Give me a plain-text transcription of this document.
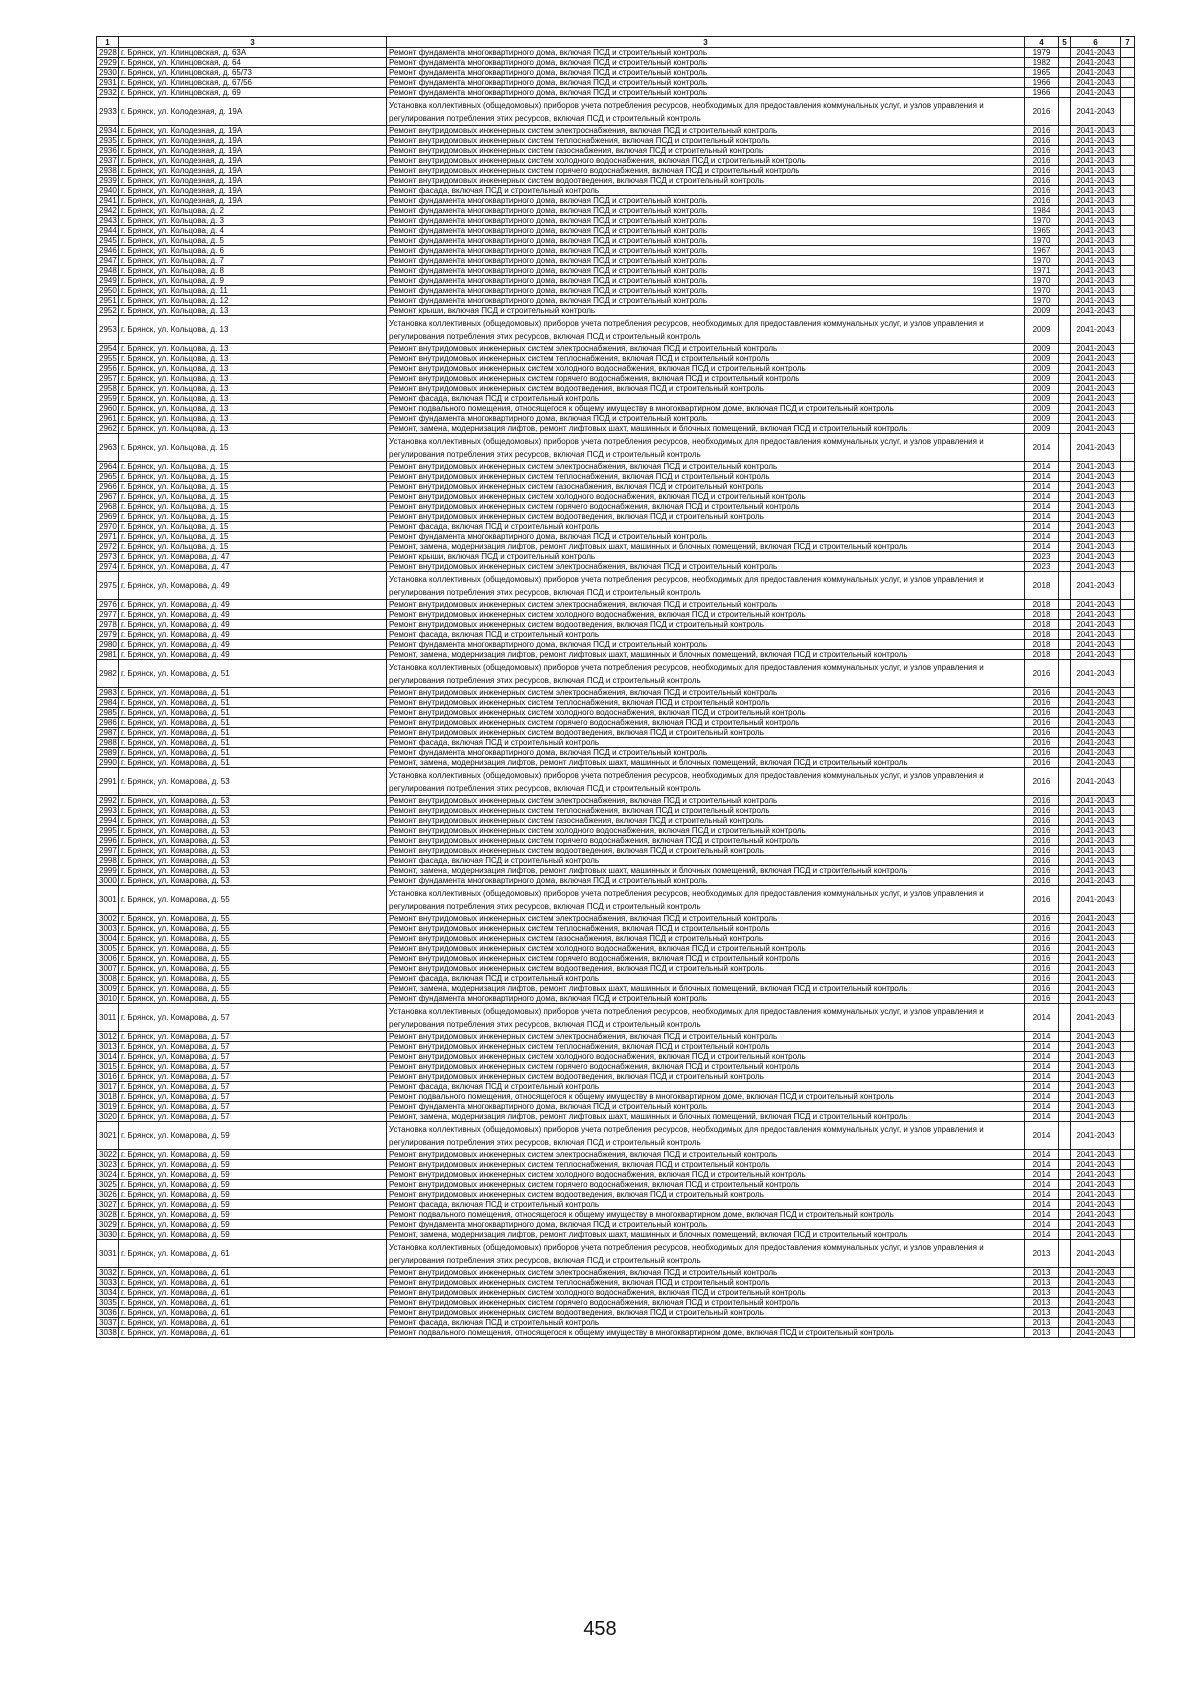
1	3	3	4	5	6	7
2928	г. Брянск, ул. Клинцовская, д. 63А	Ремонт фундамента многоквартирного дома, включая ПСД и строительный контроль	1979		2041-2043	
2929	г. Брянск, ул. Клинцовская, д. 64	Ремонт фундамента многоквартирного дома, включая ПСД и строительный контроль	1982		2041-2043	
2930	г. Брянск, ул. Клинцовская, д. 65/73	Ремонт фундамента многоквартирного дома, включая ПСД и строительный контроль	1965		2041-2043	
2931	г. Брянск, ул. Клинцовская, д. 67/56	Ремонт фундамента многоквартирного дома, включая ПСД и строительный контроль	1966		2041-2043	
2932	г. Брянск, ул. Клинцовская, д. 69	Ремонт фундамента многоквартирного дома, включая ПСД и строительный контроль	1966		2041-2043	
2933	г. Брянск, ул. Колодезная, д. 19А	Установка коллективных (общедомовых) приборов учета потребления ресурсов, необходимых для предоставления коммунальных услуг, и узлов управления и регулирования потребления этих ресурсов, включая ПСД и строительный контроль	2016		2041-2043	
2934	г. Брянск, ул. Колодезная, д. 19А	Ремонт внутридомовых инженерных систем электроснабжения, включая ПСД и строительный контроль	2016		2041-2043	
2935	г. Брянск, ул. Колодезная, д. 19А	Ремонт внутридомовых инженерных систем теплоснабжения, включая ПСД и строительный контроль	2016		2041-2043	
2936	г. Брянск, ул. Колодезная, д. 19А	Ремонт внутридомовых инженерных систем газоснабжения, включая ПСД и строительный контроль	2016		2041-2043	
2937	г. Брянск, ул. Колодезная, д. 19А	Ремонт внутридомовых инженерных систем холодного водоснабжения, включая ПСД и строительный контроль	2016		2041-2043	
2938	г. Брянск, ул. Колодезная, д. 19А	Ремонт внутридомовых инженерных систем горячего водоснабжения, включая ПСД и строительный контроль	2016		2041-2043	
2939	г. Брянск, ул. Колодезная, д. 19А	Ремонт внутридомовых инженерных систем водоотведения, включая ПСД и строительный контроль	2016		2041-2043	
2940	г. Брянск, ул. Колодезная, д. 19А	Ремонт фасада, включая ПСД и строительный контроль	2016		2041-2043	
2941	г. Брянск, ул. Колодезная, д. 19А	Ремонт фундамента многоквартирного дома, включая ПСД и строительный контроль	2016		2041-2043	
2942	г. Брянск, ул. Кольцова, д. 2	Ремонт фундамента многоквартирного дома, включая ПСД и строительный контроль	1984		2041-2043	
2943	г. Брянск, ул. Кольцова, д. 3	Ремонт фундамента многоквартирного дома, включая ПСД и строительный контроль	1970		2041-2043	
2944	г. Брянск, ул. Кольцова, д. 4	Ремонт фундамента многоквартирного дома, включая ПСД и строительный контроль	1965		2041-2043	
2945	г. Брянск, ул. Кольцова, д. 5	Ремонт фундамента многоквартирного дома, включая ПСД и строительный контроль	1970		2041-2043	
2946	г. Брянск, ул. Кольцова, д. 6	Ремонт фундамента многоквартирного дома, включая ПСД и строительный контроль	1967		2041-2043	
2947	г. Брянск, ул. Кольцова, д. 7	Ремонт фундамента многоквартирного дома, включая ПСД и строительный контроль	1970		2041-2043	
2948	г. Брянск, ул. Кольцова, д. 8	Ремонт фундамента многоквартирного дома, включая ПСД и строительный контроль	1971		2041-2043	
2949	г. Брянск, ул. Кольцова, д. 9	Ремонт фундамента многоквартирного дома, включая ПСД и строительный контроль	1970		2041-2043	
2950	г. Брянск, ул. Кольцова, д. 11	Ремонт фундамента многоквартирного дома, включая ПСД и строительный контроль	1970		2041-2043	
2951	г. Брянск, ул. Кольцова, д. 12	Ремонт фундамента многоквартирного дома, включая ПСД и строительный контроль	1970		2041-2043	
2952	г. Брянск, ул. Кольцова, д. 13	Ремонт крыши, включая ПСД и строительный контроль	2009		2041-2043	
2953	г. Брянск, ул. Кольцова, д. 13	Установка коллективных (общедомовых) приборов учета потребления ресурсов, необходимых для предоставления коммунальных услуг, и узлов управления и регулирования потребления этих ресурсов, включая ПСД и строительный контроль	2009		2041-2043	
2954	г. Брянск, ул. Кольцова, д. 13	Ремонт внутридомовых инженерных систем электроснабжения, включая ПСД и строительный контроль	2009		2041-2043	
2955	г. Брянск, ул. Кольцова, д. 13	Ремонт внутридомовых инженерных систем теплоснабжения, включая ПСД и строительный контроль	2009		2041-2043	
2956	г. Брянск, ул. Кольцова, д. 13	Ремонт внутридомовых инженерных систем холодного водоснабжения, включая ПСД и строительный контроль	2009		2041-2043	
2957	г. Брянск, ул. Кольцова, д. 13	Ремонт внутридомовых инженерных систем горячего водоснабжения, включая ПСД и строительный контроль	2009		2041-2043	
2958	г. Брянск, ул. Кольцова, д. 13	Ремонт внутридомовых инженерных систем водоотведения, включая ПСД и строительный контроль	2009		2041-2043	
2959	г. Брянск, ул. Кольцова, д. 13	Ремонт фасада, включая ПСД и строительный контроль	2009		2041-2043	
2960	г. Брянск, ул. Кольцова, д. 13	Ремонт подвального помещения, относящегося к общему имуществу в многоквартирном доме, включая ПСД и строительный контроль	2009		2041-2043	
2961	г. Брянск, ул. Кольцова, д. 13	Ремонт фундамента многоквартирного дома, включая ПСД и строительный контроль	2009		2041-2043	
2962	г. Брянск, ул. Кольцова, д. 13	Ремонт, замена, модернизация лифтов, ремонт лифтовых шахт, машинных и блочных помещений, включая ПСД и строительный контроль	2009		2041-2043	
2963	г. Брянск, ул. Кольцова, д. 15	Установка коллективных (общедомовых) приборов учета потребления ресурсов, необходимых для предоставления коммунальных услуг, и узлов управления и регулирования потребления этих ресурсов, включая ПСД и строительный контроль	2014		2041-2043	
2964	г. Брянск, ул. Кольцова, д. 15	Ремонт внутридомовых инженерных систем электроснабжения, включая ПСД и строительный контроль	2014		2041-2043	
2965	г. Брянск, ул. Кольцова, д. 15	Ремонт внутридомовых инженерных систем теплоснабжения, включая ПСД и строительный контроль	2014		2041-2043	
2966	г. Брянск, ул. Кольцова, д. 15	Ремонт внутридомовых инженерных систем газоснабжения, включая ПСД и строительный контроль	2014		2041-2043	
2967	г. Брянск, ул. Кольцова, д. 15	Ремонт внутридомовых инженерных систем холодного водоснабжения, включая ПСД и строительный контроль	2014		2041-2043	
2968	г. Брянск, ул. Кольцова, д. 15	Ремонт внутридомовых инженерных систем горячего водоснабжения, включая ПСД и строительный контроль	2014		2041-2043	
2969	г. Брянск, ул. Кольцова, д. 15	Ремонт внутридомовых инженерных систем водоотведения, включая ПСД и строительный контроль	2014		2041-2043	
2970	г. Брянск, ул. Кольцова, д. 15	Ремонт фасада, включая ПСД и строительный контроль	2014		2041-2043	
2971	г. Брянск, ул. Кольцова, д. 15	Ремонт фундамента многоквартирного дома, включая ПСД и строительный контроль	2014		2041-2043	
2972	г. Брянск, ул. Кольцова, д. 15	Ремонт, замена, модернизация лифтов, ремонт лифтовых шахт, машинных и блочных помещений, включая ПСД и строительный контроль	2014		2041-2043	
2973	г. Брянск, ул. Комарова, д. 47	Ремонт крыши, включая ПСД и строительный контроль	2023		2041-2043	
2974	г. Брянск, ул. Комарова, д. 47	Ремонт внутридомовых инженерных систем электроснабжения, включая ПСД и строительный контроль	2023		2041-2043	
2975	г. Брянск, ул. Комарова, д. 49	Установка коллективных (общедомовых) приборов учета потребления ресурсов, необходимых для предоставления коммунальных услуг, и узлов управления и регулирования потребления этих ресурсов, включая ПСД и строительный контроль	2018		2041-2043	
2976	г. Брянск, ул. Комарова, д. 49	Ремонт внутридомовых инженерных систем электроснабжения, включая ПСД и строительный контроль	2018		2041-2043	
2977	г. Брянск, ул. Комарова, д. 49	Ремонт внутридомовых инженерных систем холодного водоснабжения, включая ПСД и строительный контроль	2018		2041-2043	
2978	г. Брянск, ул. Комарова, д. 49	Ремонт внутридомовых инженерных систем водоотведения, включая ПСД и строительный контроль	2018		2041-2043	
2979	г. Брянск, ул. Комарова, д. 49	Ремонт фасада, включая ПСД и строительный контроль	2018		2041-2043	
2980	г. Брянск, ул. Комарова, д. 49	Ремонт фундамента многоквартирного дома, включая ПСД и строительный контроль	2018		2041-2043	
2981	г. Брянск, ул. Комарова, д. 49	Ремонт, замена, модернизация лифтов, ремонт лифтовых шахт, машинных и блочных помещений, включая ПСД и строительный контроль	2018		2041-2043	
2982	г. Брянск, ул. Комарова, д. 51	Установка коллективных (общедомовых) приборов учета потребления ресурсов, необходимых для предоставления коммунальных услуг, и узлов управления и регулирования потребления этих ресурсов, включая ПСД и строительный контроль	2016		2041-2043	
2983	г. Брянск, ул. Комарова, д. 51	Ремонт внутридомовых инженерных систем электроснабжения, включая ПСД и строительный контроль	2016		2041-2043	
2984	г. Брянск, ул. Комарова, д. 51	Ремонт внутридомовых инженерных систем теплоснабжения, включая ПСД и строительный контроль	2016		2041-2043	
2985	г. Брянск, ул. Комарова, д. 51	Ремонт внутридомовых инженерных систем холодного водоснабжения, включая ПСД и строительный контроль	2016		2041-2043	
2986	г. Брянск, ул. Комарова, д. 51	Ремонт внутридомовых инженерных систем горячего водоснабжения, включая ПСД и строительный контроль	2016		2041-2043	
2987	г. Брянск, ул. Комарова, д. 51	Ремонт внутридомовых инженерных систем водоотведения, включая ПСД и строительный контроль	2016		2041-2043	
2988	г. Брянск, ул. Комарова, д. 51	Ремонт фасада, включая ПСД и строительный контроль	2016		2041-2043	
2989	г. Брянск, ул. Комарова, д. 51	Ремонт фундамента многоквартирного дома, включая ПСД и строительный контроль	2016		2041-2043	
2990	г. Брянск, ул. Комарова, д. 51	Ремонт, замена, модернизация лифтов, ремонт лифтовых шахт, машинных и блочных помещений, включая ПСД и строительный контроль	2016		2041-2043	
2991	г. Брянск, ул. Комарова, д. 53	Установка коллективных (общедомовых) приборов учета потребления ресурсов, необходимых для предоставления коммунальных услуг, и узлов управления и регулирования потребления этих ресурсов, включая ПСД и строительный контроль	2016		2041-2043	
2992	г. Брянск, ул. Комарова, д. 53	Ремонт внутридомовых инженерных систем электроснабжения, включая ПСД и строительный контроль	2016		2041-2043	
2993	г. Брянск, ул. Комарова, д. 53	Ремонт внутридомовых инженерных систем теплоснабжения, включая ПСД и строительный контроль	2016		2041-2043	
2994	г. Брянск, ул. Комарова, д. 53	Ремонт внутридомовых инженерных систем газоснабжения, включая ПСД и строительный контроль	2016		2041-2043	
2995	г. Брянск, ул. Комарова, д. 53	Ремонт внутридомовых инженерных систем холодного водоснабжения, включая ПСД и строительный контроль	2016		2041-2043	
2996	г. Брянск, ул. Комарова, д. 53	Ремонт внутридомовых инженерных систем горячего водоснабжения, включая ПСД и строительный контроль	2016		2041-2043	
2997	г. Брянск, ул. Комарова, д. 53	Ремонт внутридомовых инженерных систем водоотведения, включая ПСД и строительный контроль	2016		2041-2043	
2998	г. Брянск, ул. Комарова, д. 53	Ремонт фасада, включая ПСД и строительный контроль	2016		2041-2043	
2999	г. Брянск, ул. Комарова, д. 53	Ремонт, замена, модернизация лифтов, ремонт лифтовых шахт, машинных и блочных помещений, включая ПСД и строительный контроль	2016		2041-2043	
3000	г. Брянск, ул. Комарова, д. 53	Ремонт фундамента многоквартирного дома, включая ПСД и строительный контроль	2016		2041-2043	
3001	г. Брянск, ул. Комарова, д. 55	Установка коллективных (общедомовых) приборов учета потребления ресурсов, необходимых для предоставления коммунальных услуг, и узлов управления и регулирования потребления этих ресурсов, включая ПСД и строительный контроль	2016		2041-2043	
3002	г. Брянск, ул. Комарова, д. 55	Ремонт внутридомовых инженерных систем электроснабжения, включая ПСД и строительный контроль	2016		2041-2043	
3003	г. Брянск, ул. Комарова, д. 55	Ремонт внутридомовых инженерных систем теплоснабжения, включая ПСД и строительный контроль	2016		2041-2043	
3004	г. Брянск, ул. Комарова, д. 55	Ремонт внутридомовых инженерных систем газоснабжения, включая ПСД и строительный контроль	2016		2041-2043	
3005	г. Брянск, ул. Комарова, д. 55	Ремонт внутридомовых инженерных систем холодного водоснабжения, включая ПСД и строительный контроль	2016		2041-2043	
3006	г. Брянск, ул. Комарова, д. 55	Ремонт внутридомовых инженерных систем горячего водоснабжения, включая ПСД и строительный контроль	2016		2041-2043	
3007	г. Брянск, ул. Комарова, д. 55	Ремонт внутридомовых инженерных систем водоотведения, включая ПСД и строительный контроль	2016		2041-2043	
3008	г. Брянск, ул. Комарова, д. 55	Ремонт фасада, включая ПСД и строительный контроль	2016		2041-2043	
3009	г. Брянск, ул. Комарова, д. 55	Ремонт, замена, модернизация лифтов, ремонт лифтовых шахт, машинных и блочных помещений, включая ПСД и строительный контроль	2016		2041-2043	
3010	г. Брянск, ул. Комарова, д. 55	Ремонт фундамента многоквартирного дома, включая ПСД и строительный контроль	2016		2041-2043	
3011	г. Брянск, ул. Комарова, д. 57	Установка коллективных (общедомовых) приборов учета потребления ресурсов, необходимых для предоставления коммунальных услуг, и узлов управления и регулирования потребления этих ресурсов, включая ПСД и строительный контроль	2014		2041-2043	
3012	г. Брянск, ул. Комарова, д. 57	Ремонт внутридомовых инженерных систем электроснабжения, включая ПСД и строительный контроль	2014		2041-2043	
3013	г. Брянск, ул. Комарова, д. 57	Ремонт внутридомовых инженерных систем теплоснабжения, включая ПСД и строительный контроль	2014		2041-2043	
3014	г. Брянск, ул. Комарова, д. 57	Ремонт внутридомовых инженерных систем холодного водоснабжения, включая ПСД и строительный контроль	2014		2041-2043	
3015	г. Брянск, ул. Комарова, д. 57	Ремонт внутридомовых инженерных систем горячего водоснабжения, включая ПСД и строительный контроль	2014		2041-2043	
3016	г. Брянск, ул. Комарова, д. 57	Ремонт внутридомовых инженерных систем водоотведения, включая ПСД и строительный контроль	2014		2041-2043	
3017	г. Брянск, ул. Комарова, д. 57	Ремонт фасада, включая ПСД и строительный контроль	2014		2041-2043	
3018	г. Брянск, ул. Комарова, д. 57	Ремонт подвального помещения, относящегося к общему имуществу в многоквартирном доме, включая ПСД и строительный контроль	2014		2041-2043	
3019	г. Брянск, ул. Комарова, д. 57	Ремонт фундамента многоквартирного дома, включая ПСД и строительный контроль	2014		2041-2043	
3020	г. Брянск, ул. Комарова, д. 57	Ремонт, замена, модернизация лифтов, ремонт лифтовых шахт, машинных и блочных помещений, включая ПСД и строительный контроль	2014		2041-2043	
3021	г. Брянск, ул. Комарова, д. 59	Установка коллективных (общедомовых) приборов учета потребления ресурсов, необходимых для предоставления коммунальных услуг, и узлов управления и регулирования потребления этих ресурсов, включая ПСД и строительный контроль	2014		2041-2043	
3022	г. Брянск, ул. Комарова, д. 59	Ремонт внутридомовых инженерных систем электроснабжения, включая ПСД и строительный контроль	2014		2041-2043	
3023	г. Брянск, ул. Комарова, д. 59	Ремонт внутридомовых инженерных систем теплоснабжения, включая ПСД и строительный контроль	2014		2041-2043	
3024	г. Брянск, ул. Комарова, д. 59	Ремонт внутридомовых инженерных систем холодного водоснабжения, включая ПСД и строительный контроль	2014		2041-2043	
3025	г. Брянск, ул. Комарова, д. 59	Ремонт внутридомовых инженерных систем горячего водоснабжения, включая ПСД и строительный контроль	2014		2041-2043	
3026	г. Брянск, ул. Комарова, д. 59	Ремонт внутридомовых инженерных систем водоотведения, включая ПСД и строительный контроль	2014		2041-2043	
3027	г. Брянск, ул. Комарова, д. 59	Ремонт фасада, включая ПСД и строительный контроль	2014		2041-2043	
3028	г. Брянск, ул. Комарова, д. 59	Ремонт подвального помещения, относящегося к общему имуществу в многоквартирном доме, включая ПСД и строительный контроль	2014		2041-2043	
3029	г. Брянск, ул. Комарова, д. 59	Ремонт фундамента многоквартирного дома, включая ПСД и строительный контроль	2014		2041-2043	
3030	г. Брянск, ул. Комарова, д. 59	Ремонт, замена, модернизация лифтов, ремонт лифтовых шахт, машинных и блочных помещений, включая ПСД и строительный контроль	2014		2041-2043	
3031	г. Брянск, ул. Комарова, д. 61	Установка коллективных (общедомовых) приборов учета потребления ресурсов, необходимых для предоставления коммунальных услуг, и узлов управления и регулирования потребления этих ресурсов, включая ПСД и строительный контроль	2013		2041-2043	
3032	г. Брянск, ул. Комарова, д. 61	Ремонт внутридомовых инженерных систем электроснабжения, включая ПСД и строительный контроль	2013		2041-2043	
3033	г. Брянск, ул. Комарова, д. 61	Ремонт внутридомовых инженерных систем теплоснабжения, включая ПСД и строительный контроль	2013		2041-2043	
3034	г. Брянск, ул. Комарова, д. 61	Ремонт внутридомовых инженерных систем холодного водоснабжения, включая ПСД и строительный контроль	2013		2041-2043	
3035	г. Брянск, ул. Комарова, д. 61	Ремонт внутридомовых инженерных систем горячего водоснабжения, включая ПСД и строительный контроль	2013		2041-2043	
3036	г. Брянск, ул. Комарова, д. 61	Ремонт внутридомовых инженерных систем водоотведения, включая ПСД и строительный контроль	2013		2041-2043	
3037	г. Брянск, ул. Комарова, д. 61	Ремонт фасада, включая ПСД и строительный контроль	2013		2041-2043	
3038	г. Брянск, ул. Комарова, д. 61	Ремонт подвального помещения, относящегося к общему имуществу в многоквартирном доме, включая ПСД и строительный контроль	2013		2041-2043	
458
